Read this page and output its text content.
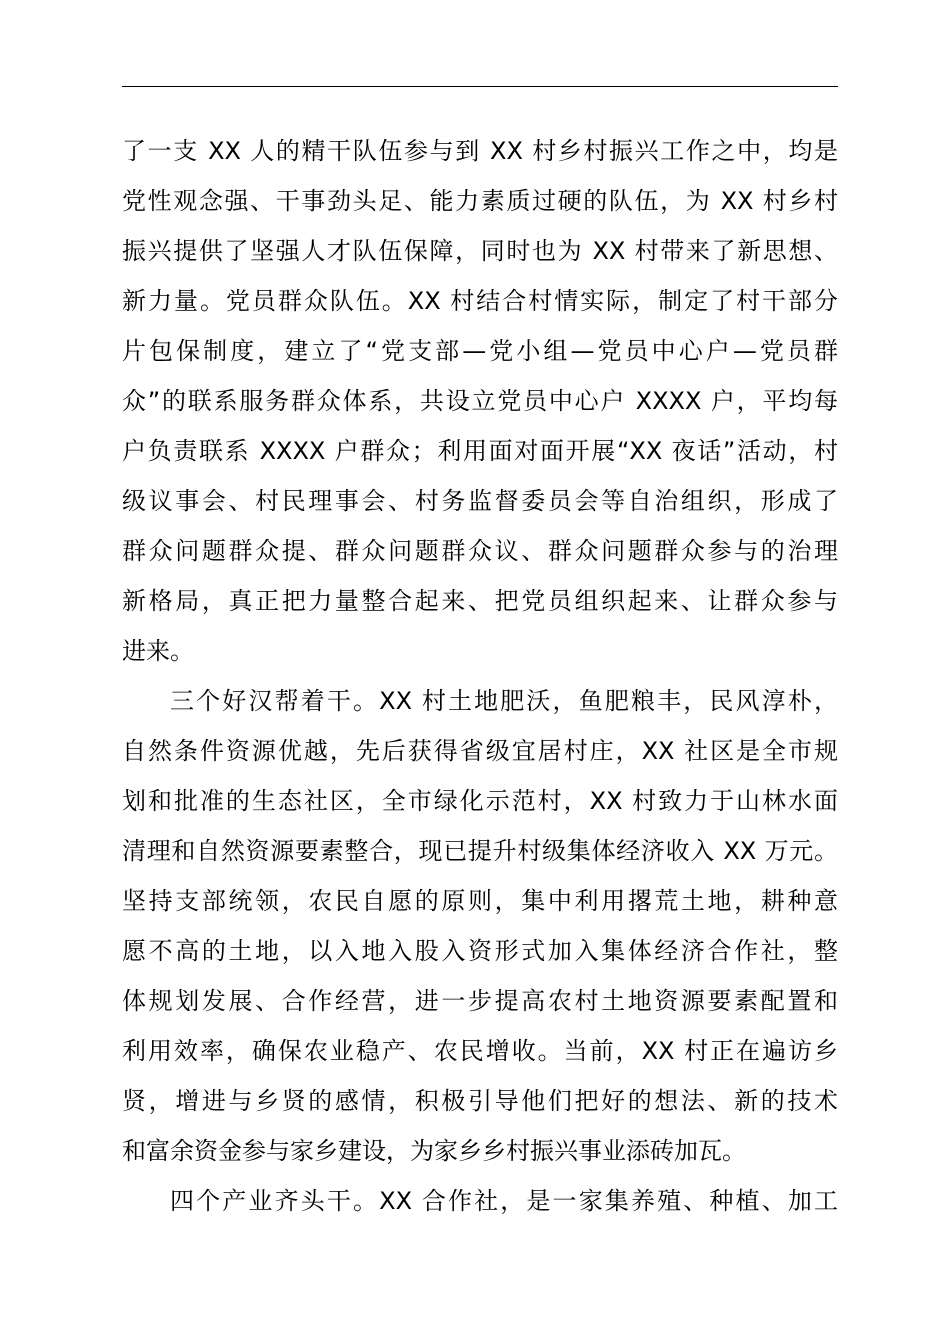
了一支 XX 人的精干队伍参与到 XX 村乡村振兴工作之中，均是
党性观念强、干事劲头足、能力素质过硬的队伍，为 XX 村乡村
振兴提供了坚强人才队伍保障，同时也为 XX 村带来了新思想、
新力量。党员群众队伍。XX 村结合村情实际，制定了村干部分
片包保制度，建立了“党支部—党小组—党员中心户—党员群
众”的联系服务群众体系，共设立党员中心户 XXXX 户，平均每
户负责联系 XXXX 户群众；利用面对面开展“XX 夜话”活动，村
级议事会、村民理事会、村务监督委员会等自治组织，形成了
群众问题群众提、群众问题群众议、群众问题群众参与的治理
新格局，真正把力量整合起来、把党员组织起来、让群众参与
进来。
三个好汉帮着干。XX 村土地肥沃，鱼肥粮丰，民风淳朴，
自然条件资源优越，先后获得省级宜居村庄，XX 社区是全市规
划和批准的生态社区，全市绿化示范村，XX 村致力于山林水面
清理和自然资源要素整合，现已提升村级集体经济收入 XX 万元。
坚持支部统领，农民自愿的原则，集中利用撂荒土地，耕种意
愿不高的土地，以入地入股入资形式加入集体经济合作社，整
体规划发展、合作经营，进一步提高农村土地资源要素配置和
利用效率，确保农业稳产、农民增收。当前，XX 村正在遍访乡
贤，增进与乡贤的感情，积极引导他们把好的想法、新的技术
和富余资金参与家乡建设，为家乡乡村振兴事业添砖加瓦。
四个产业齐头干。XX 合作社，是一家集养殖、种植、加工
